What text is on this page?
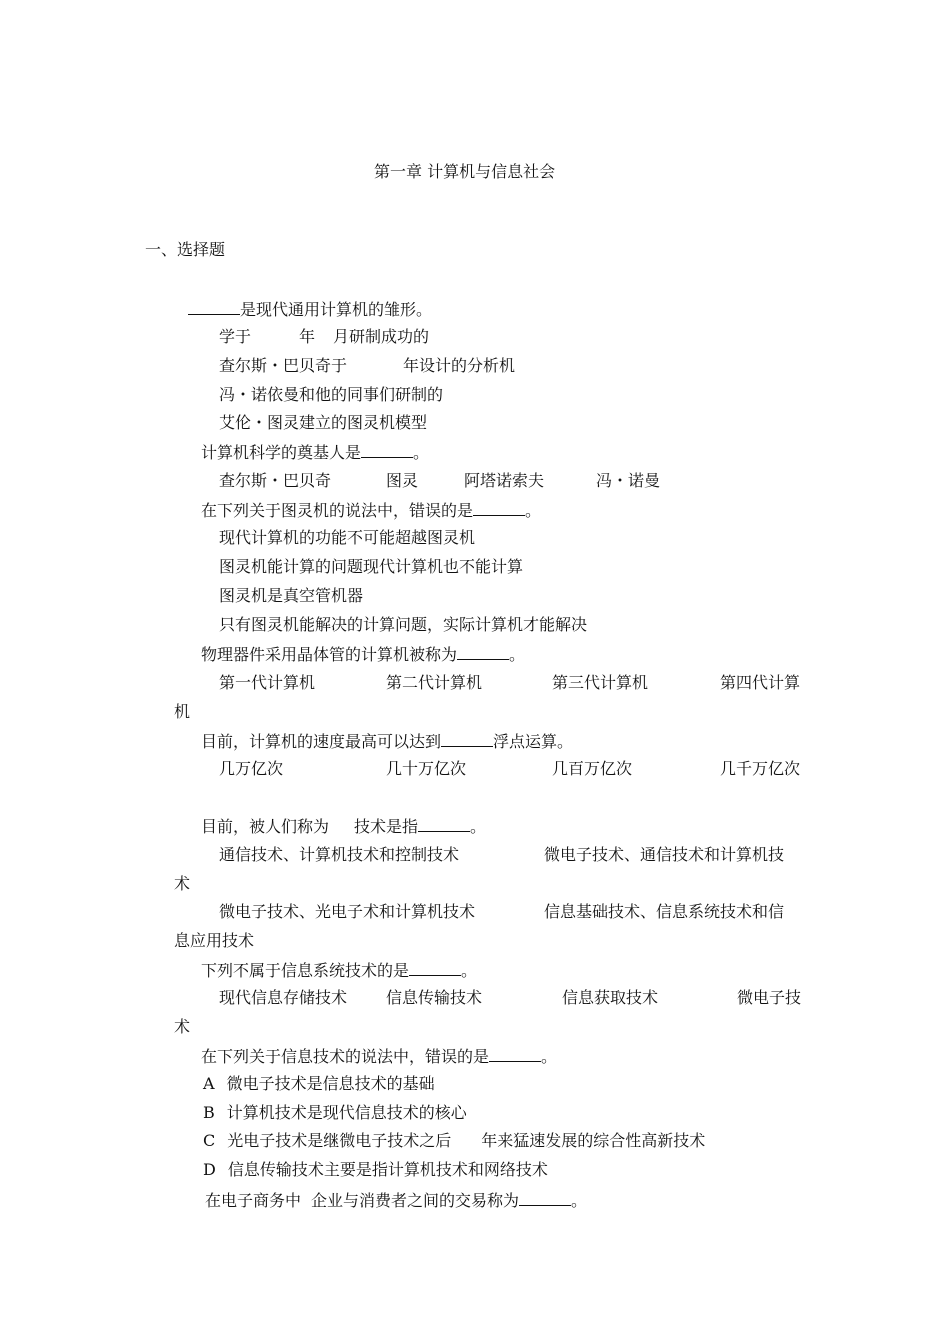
第一章 计算机与信息社会
一、选择题
是现代通用计算机的雏形。
学于	年 月研制成功的
查尔斯・巴贝奇于	年设计的分析机
冯・诺依曼和他的同事们研制的
艾伦・图灵建立的图灵机模型
计算机科学的奠基人是	。
查尔斯・巴贝奇	图灵	阿塔诺索夫	冯・诺曼
在下列关于图灵机的说法中，错误的是	。
现代计算机的功能不可能超越图灵机
图灵机能计算的问题现代计算机也不能计算
图灵机是真空管机器
只有图灵机能解决的计算问题，实际计算机才能解决
物理器件采用晶体管的计算机被称为	。
第一代计算机	第二代计算机	第三代计算机	第四代计算
机
目前，计算机的速度最高可以达到	浮点运算。
几万亿次	几十万亿次	几百万亿次	几千万亿次
目前，被人们称为 技术是指	。
通信技术、计算机技术和控制技术	微电子技术、通信技术和计算机技
术
微电子技术、光电子术和计算机技术	信息基础技术、信息系统技术和信
息应用技术
下列不属于信息系统技术的是	。
现代信息存储技术 信息传输技术	信息获取技术	微电子技
术
在下列关于信息技术的说法中，错误的是	。
A 微电子技术是信息技术的基础
B 计算机技术是现代信息技术的核心
C 光电子技术是继微电子技术之后 年来猛速发展的综合性高新技术
D 信息传输技术主要是指计算机技术和网络技术
在电子商务中 企业与消费者之间的交易称为	。
